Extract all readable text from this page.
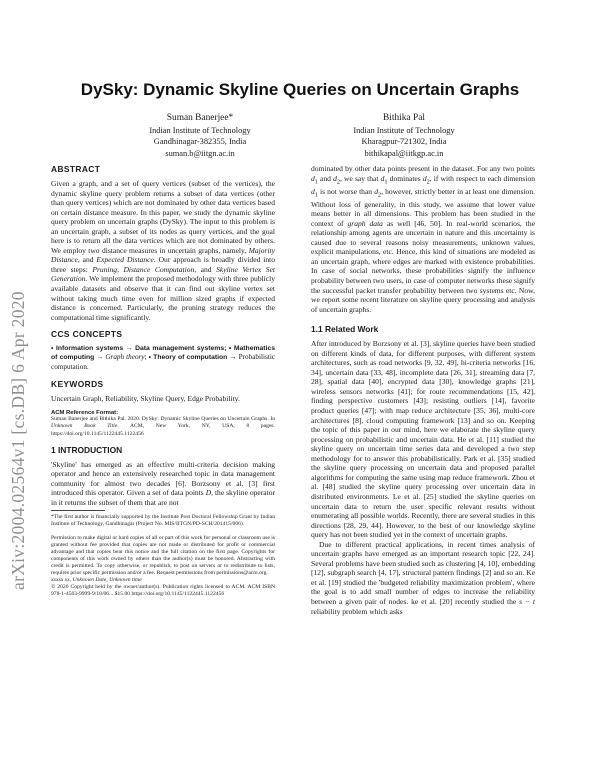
arXiv:2004.02564v1 [cs.DB] 6 Apr 2020
DySky: Dynamic Skyline Queries on Uncertain Graphs
Suman Banerjee*
Indian Institute of Technology
Gandhinagar-382355, India
suman.b@iitgn.ac.in
Bithika Pal
Indian Institute of Technology
Kharagpur-721302, India
bithikapal@iitkgp.ac.in
ABSTRACT

Given a graph, and a set of query vertices (subset of the vertices), the dynamic skyline query problem returns a subset of data vertices (other than query vertices) which are not dominated by other data vertices based on certain distance measure. In this paper, we study the dynamic skyline query problem on uncertain graphs (DySky). The input to this problem is an uncertain graph, a subset of its nodes as query vertices, and the goal here is to return all the data vertices which are not dominated by others. We employ two distance measures in uncertain graphs, namely, Majority Distance, and Expected Distance. Our approach is broadly divided into three steps: Pruning, Distance Computation, and Skyline Vertex Set Generation. We implement the proposed methodology with three publicly available datasets and observe that it can find out skyline vertex set without taking much time even for million sized graphs if expected distance is concerned. Particularly, the pruning strategy reduces the computational time significantly.

CCS CONCEPTS

• Information systems → Data management systems; • Mathematics of computing → Graph theory; • Theory of computation → Probabilistic computation.

KEYWORDS

Uncertain Graph, Reliability, Skyline Query, Edge Probability.

ACM Reference Format:

Suman Banerjee and Bithika Pal. 2020. DySky: Dynamic Skyline Queries on Uncertain Graphs. In Unknown Book Title. ACM, New York, NY, USA, 8 pages. https://doi.org/10.1145/1122445.1122456

1 INTRODUCTION

'Skyline' has emerged as an effective multi-criteria decision making operator and hence an extensively researched topic in data management community for almost two decades [6]. Borzsony et al. [3] first introduced this operator. Given a set of data points D, the skyline operator in it returns the subset of them that are not

*The first author is financially supported by the Institute Post Doctoral Fellowship Grant by Indian Institute of Technology, Gandhinagar (Project No. MIS/IITGN/PD-SCH/201415/006).

Permission to make digital or hard copies of all or part of this work for personal or classroom use is granted without fee provided that copies are not made or distributed for profit or commercial advantage and that copies bear this notice and the full citation on the first page. Copyrights for components of this work owned by others than the author(s) must be honored. Abstracting with credit is permitted. To copy otherwise, or republish, to post on servers or to redistribute to lists, requires prior specific permission and/or a fee. Request permissions from permissions@acm.org.

xxxxx xx, Unknown Date, Unknown time

© 2020 Copyright held by the owner/author(s). Publication rights licensed to ACM. ACM ISBN 978-1-4503-9999-9/18/06... $15.00 https://doi.org/10.1145/1122445.1122456

dominated by other data points present in the dataset. For any two points $d_1$ and $d_2$, we say that $d_1$ dominates $d_2$, if with respect to each dimension $d_1$ is not worse than $d_2$, however, strictly better in at least one dimension. Without loss of generality, in this study, we assume that lower value means better in all dimensions. This problem has been studied in the context of graph data as well [46, 50]. In real-world scenarios, the relationship among agents are uncertain in nature and this uncertainty is caused due to several reasons noisy measurements, unknown values, explicit manipulations, etc. Hence, this kind of situations are modeled as an uncertain graph, where edges are marked with existence probabilities. In case of social networks, these probabilities signify the influence probability between two users, in case of computer networks these signify the successful packet transfer probability between two systems etc. Now, we report some recent literature on skyline query processing and analysis of uncertain graphs.

1.1 Related Work

After introduced by Borzsony et al. [3], skyline queries have been studied on different kinds of data, for different purposes, with different system architectures, such as road networks [9, 32, 49], hi-criteria networks [16, 34], uncertain data [33, 48], incomplete data [26, 31], streaming data [7, 28], spatial data [40], encrypted data [30], knowledge graphs [21], wireless sensors networks [41]; for route recommendations [15, 42], finding perspective customers [43]; resisting outliers [14], favorite product queries [47]; with map reduce architecture [35, 36], multi-core architectures [8], cloud computing framework [13] and so on. Keeping the topic of this paper in our mind, here we elaborate the skyline query processing on probabilistic and uncertain data. He et al. [11] studied the skyline query on uncertain time series data and developed a two step methodology for to answer this probabilistically. Park et al. [35] studied the skyline query processing on uncertain data and proposed parallel algorithms for computing the same using map reduce framework. Zhou et al. [48] studied the skyline query processing over uncertain data in distributed environments. Le et al. [25] studied the skyline queries on uncertain data to return the user specific relevant results without enumerating all possible worlds. Recently, there are several studies in this directions [28, 29, 44]. However, to the best of our knowledge skyline query has not been studied yet in the context of uncertain graphs.

Due to different practical applications, in recent times analysis of uncertain graphs have emerged as an important research topic [22, 24]. Several problems have been studied such as clustering [4, 10], embedding [12], subgraph search [4, 17], structural pattern findings [2] and so an. Ke et al. [19] studied the 'budgeted reliability maximization problem', where the goal is to add small number of edges to increase the reliability between a given pair of nodes. ke et al. [20] recently studied the s − t reliability problem which asks
